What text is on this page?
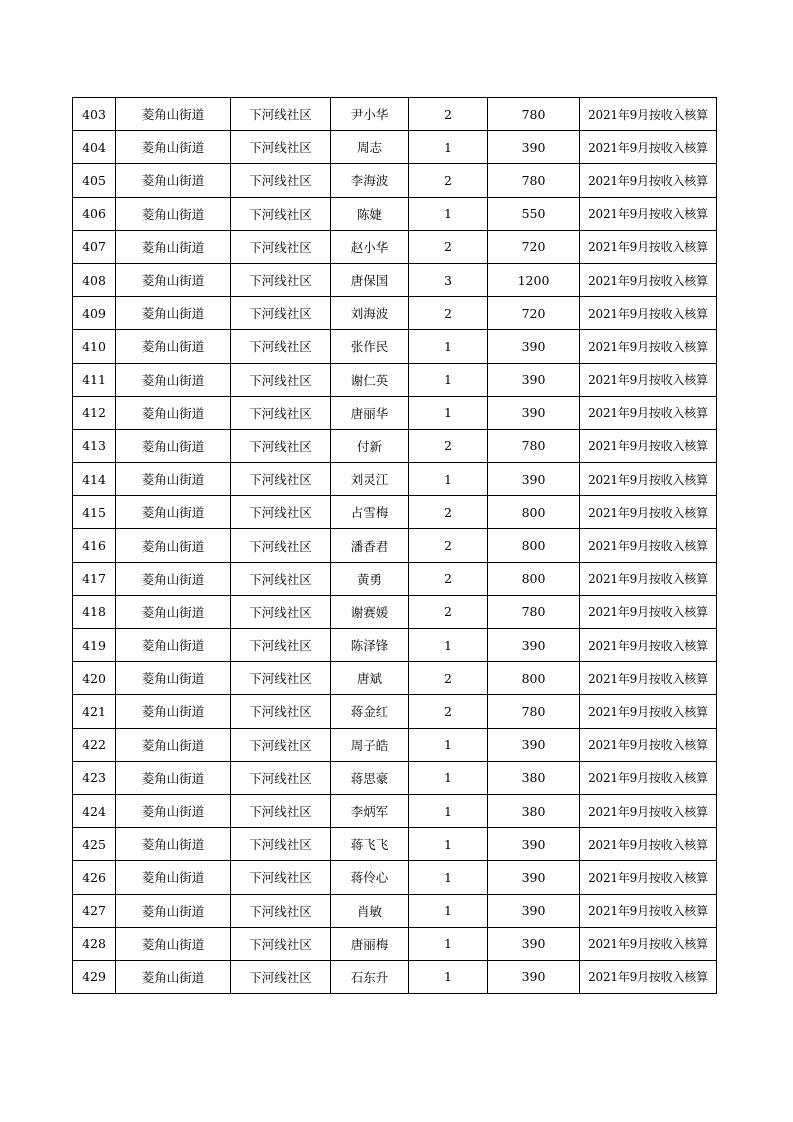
403	菱角山街道	下河线社区	尹小华	2	780	2021年9月按收入核算
404	菱角山街道	下河线社区	周志	1	390	2021年9月按收入核算
405	菱角山街道	下河线社区	李海波	2	780	2021年9月按收入核算
406	菱角山街道	下河线社区	陈婕	1	550	2021年9月按收入核算
407	菱角山街道	下河线社区	赵小华	2	720	2021年9月按收入核算
408	菱角山街道	下河线社区	唐保国	3	1200	2021年9月按收入核算
409	菱角山街道	下河线社区	刘海波	2	720	2021年9月按收入核算
410	菱角山街道	下河线社区	张作民	1	390	2021年9月按收入核算
411	菱角山街道	下河线社区	谢仁英	1	390	2021年9月按收入核算
412	菱角山街道	下河线社区	唐丽华	1	390	2021年9月按收入核算
413	菱角山街道	下河线社区	付新	2	780	2021年9月按收入核算
414	菱角山街道	下河线社区	刘灵江	1	390	2021年9月按收入核算
415	菱角山街道	下河线社区	占雪梅	2	800	2021年9月按收入核算
416	菱角山街道	下河线社区	潘香君	2	800	2021年9月按收入核算
417	菱角山街道	下河线社区	黄勇	2	800	2021年9月按收入核算
418	菱角山街道	下河线社区	谢赛媛	2	780	2021年9月按收入核算
419	菱角山街道	下河线社区	陈泽锋	1	390	2021年9月按收入核算
420	菱角山街道	下河线社区	唐斌	2	800	2021年9月按收入核算
421	菱角山街道	下河线社区	蒋金红	2	780	2021年9月按收入核算
422	菱角山街道	下河线社区	周子皓	1	390	2021年9月按收入核算
423	菱角山街道	下河线社区	蒋思豪	1	380	2021年9月按收入核算
424	菱角山街道	下河线社区	李炳军	1	380	2021年9月按收入核算
425	菱角山街道	下河线社区	蒋飞飞	1	390	2021年9月按收入核算
426	菱角山街道	下河线社区	蒋伶心	1	390	2021年9月按收入核算
427	菱角山街道	下河线社区	肖敏	1	390	2021年9月按收入核算
428	菱角山街道	下河线社区	唐丽梅	1	390	2021年9月按收入核算
429	菱角山街道	下河线社区	石东升	1	390	2021年9月按收入核算
